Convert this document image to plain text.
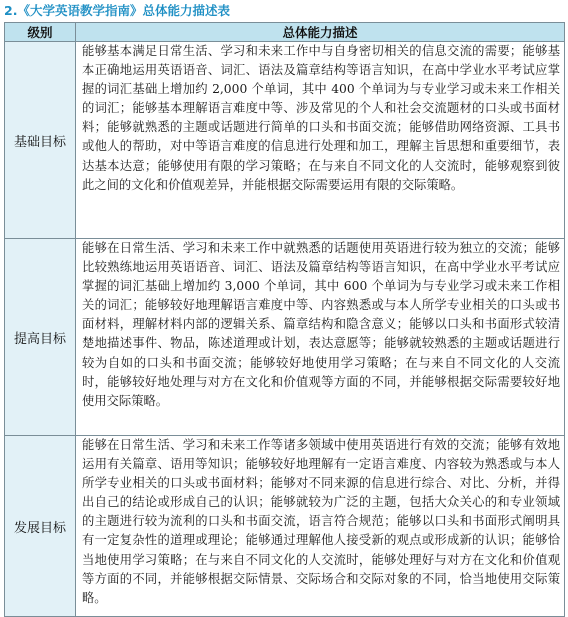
2.《大学英语教学指南》总体能力描述表
级别	总体能力描述
基础目标	能够基本满足日常生活、学习和未来工作中与自身密切相关的信息交流的需要；能够基本正确地运用英语语音、词汇、语法及篇章结构等语言知识，在高中学业水平考试应掌握的词汇基础上增加约 2,000 个单词，其中 400 个单词为与专业学习或未来工作相关的词汇；能够基本理解语言难度中等、涉及常见的个人和社会交流题材的口头或书面材料；能够就熟悉的主题或话题进行简单的口头和书面交流；能够借助网络资源、工具书或他人的帮助，对中等语言难度的信息进行处理和加工，理解主旨思想和重要细节，表达基本达意；能够使用有限的学习策略；在与来自不同文化的人交流时，能够观察到彼此之间的文化和价值观差异，并能根据交际需要运用有限的交际策略。
提高目标	能够在日常生活、学习和未来工作中就熟悉的话题使用英语进行较为独立的交流；能够比较熟练地运用英语语音、词汇、语法及篇章结构等语言知识，在高中学业水平考试应掌握的词汇基础上增加约 3,000 个单词，其中 600 个单词为与专业学习或未来工作相关的词汇；能够较好地理解语言难度中等、内容熟悉或与本人所学专业相关的口头或书面材料，理解材料内部的逻辑关系、篇章结构和隐含意义；能够以口头和书面形式较清楚地描述事件、物品，陈述道理或计划，表达意愿等；能够就较熟悉的主题或话题进行较为自如的口头和书面交流；能够较好地使用学习策略；在与来自不同文化的人交流时，能够较好地处理与对方在文化和价值观等方面的不同，并能够根据交际需要较好地使用交际策略。
发展目标	能够在日常生活、学习和未来工作等诸多领域中使用英语进行有效的交流；能够有效地运用有关篇章、语用等知识；能够较好地理解有一定语言难度、内容较为熟悉或与本人所学专业相关的口头或书面材料；能够对不同来源的信息进行综合、对比、分析，并得出自己的结论或形成自己的认识；能够就较为广泛的主题，包括大众关心的和专业领域的主题进行较为流利的口头和书面交流，语言符合规范；能够以口头和书面形式阐明具有一定复杂性的道理或理论；能够通过理解他人接受新的观点或形成新的认识；能够恰当地使用学习策略；在与来自不同文化的人交流时，能够处理好与对方在文化和价值观等方面的不同，并能够根据交际情景、交际场合和交际对象的不同，恰当地使用交际策略。
